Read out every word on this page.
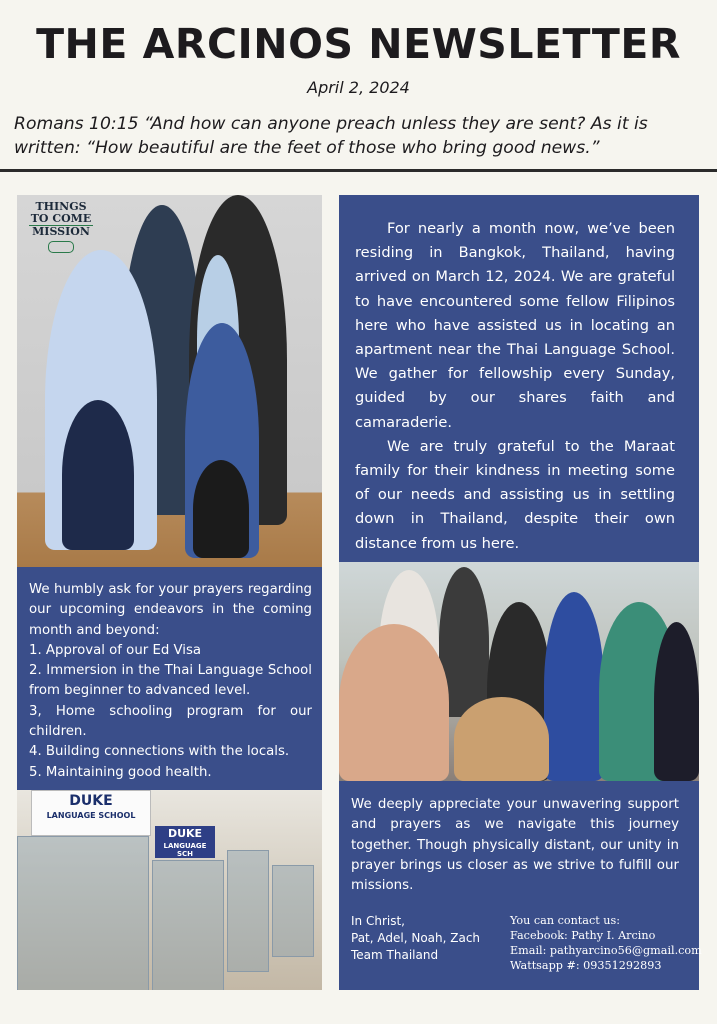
THE ARCINOS NEWSLETTER
April 2, 2024
Romans 10:15 “And how can anyone preach unless they are sent? As it is written: “How beautiful are the feet of those who bring good news.”
THINGS
TO COME
MISSION	For nearly a month now, we’ve been residing in Bangkok, Thailand, having arrived on March 12, 2024. We are grateful to have encountered some fellow Filipinos here who have assisted us in locating an apartment near the Thai Language School. We gather for fellowship every Sunday, guided by our shares faith and camaraderie.

We are truly grateful to the Maraat family for their kindness in meeting some of our needs and assisting us in settling down in Thailand, despite their own distance from us here.

We humbly ask for your prayers regarding our upcoming endeavors in the coming month and beyond:
1. Approval of our Ed Visa
2. Immersion in the Thai Language School from beginner to advanced level.
3, Home schooling program for our children.
4. Building connections with the locals.
5. Maintaining good health.
DUKE
LANGUAGE SCHOOL
DUKE
LANGUAGE SCH
We deeply appreciate your unwavering support and prayers as we navigate this journey together. Though physically distant, our unity in prayer brings us closer as we strive to fulfill our missions.
In Christ,
Pat, Adel, Noah, Zach
Team Thailand
You can contact us:
Facebook: Pathy I. Arcino
Email: pathyarcino56@gmail.com
Wattsapp #: 09351292893
